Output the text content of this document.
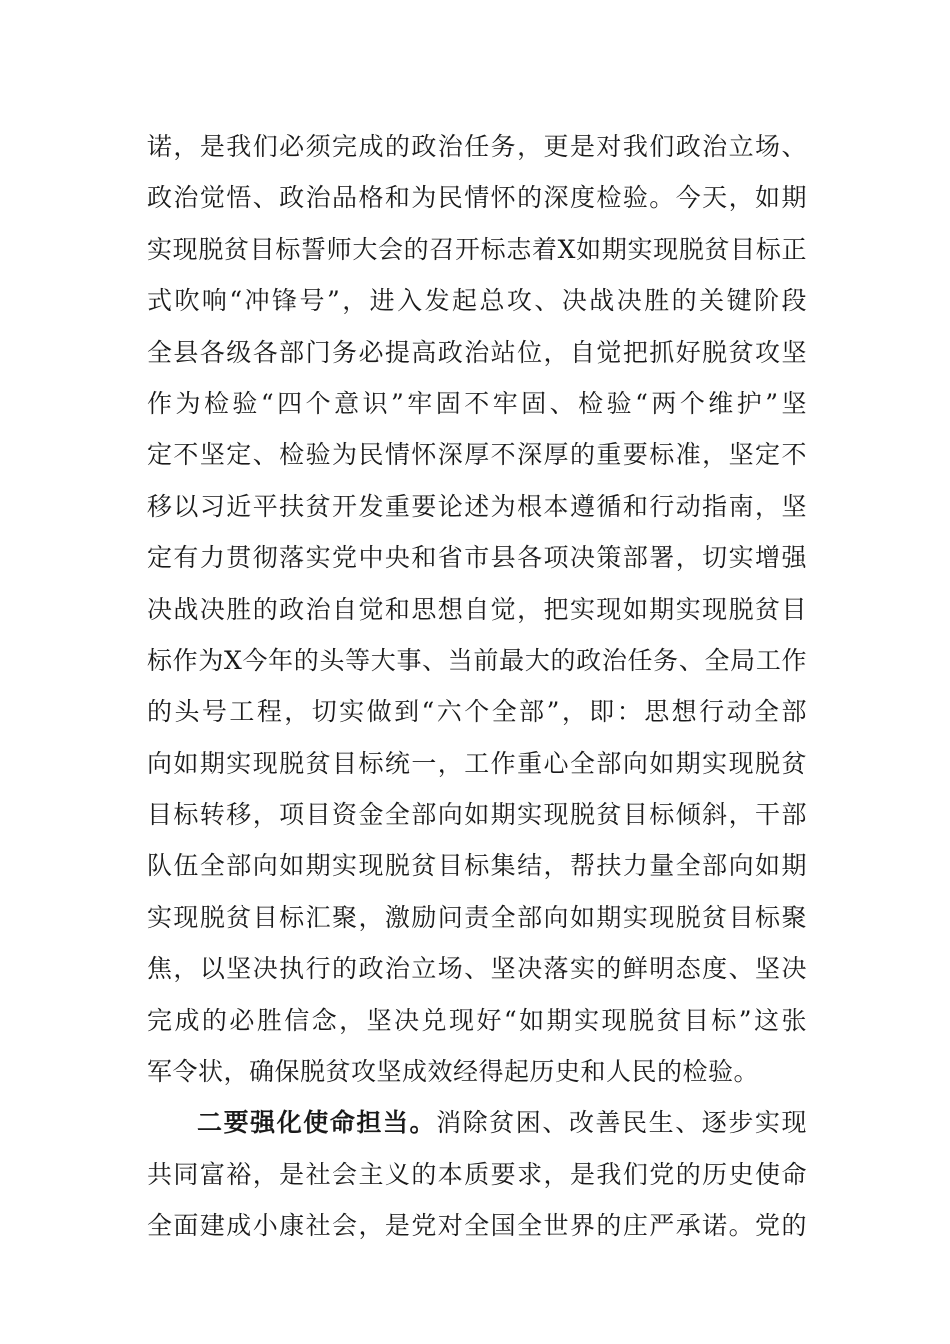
诺，是我们必须完成的政治任务，更是对我们政治立场、
政治觉悟、政治品格和为民情怀的深度检验。今天，如期
实现脱贫目标誓师大会的召开标志着X如期实现脱贫目标正
式吹响“冲锋号”，进入发起总攻、决战决胜的关键阶段
全县各级各部门务必提高政治站位，自觉把抓好脱贫攻坚
作为检验“四个意识”牢固不牢固、检验“两个维护”坚
定不坚定、检验为民情怀深厚不深厚的重要标准，坚定不
移以习近平扶贫开发重要论述为根本遵循和行动指南，坚
定有力贯彻落实党中央和省市县各项决策部署，切实增强
决战决胜的政治自觉和思想自觉，把实现如期实现脱贫目
标作为X今年的头等大事、当前最大的政治任务、全局工作
的头号工程，切实做到“六个全部”，即：思想行动全部
向如期实现脱贫目标统一，工作重心全部向如期实现脱贫
目标转移，项目资金全部向如期实现脱贫目标倾斜，干部
队伍全部向如期实现脱贫目标集结，帮扶力量全部向如期
实现脱贫目标汇聚，激励问责全部向如期实现脱贫目标聚
焦，以坚决执行的政治立场、坚决落实的鲜明态度、坚决
完成的必胜信念，坚决兑现好“如期实现脱贫目标”这张
军令状，确保脱贫攻坚成效经得起历史和人民的检验。
二要强化使命担当。消除贫困、改善民生、逐步实现
共同富裕，是社会主义的本质要求，是我们党的历史使命
全面建成小康社会，是党对全国全世界的庄严承诺。党的
